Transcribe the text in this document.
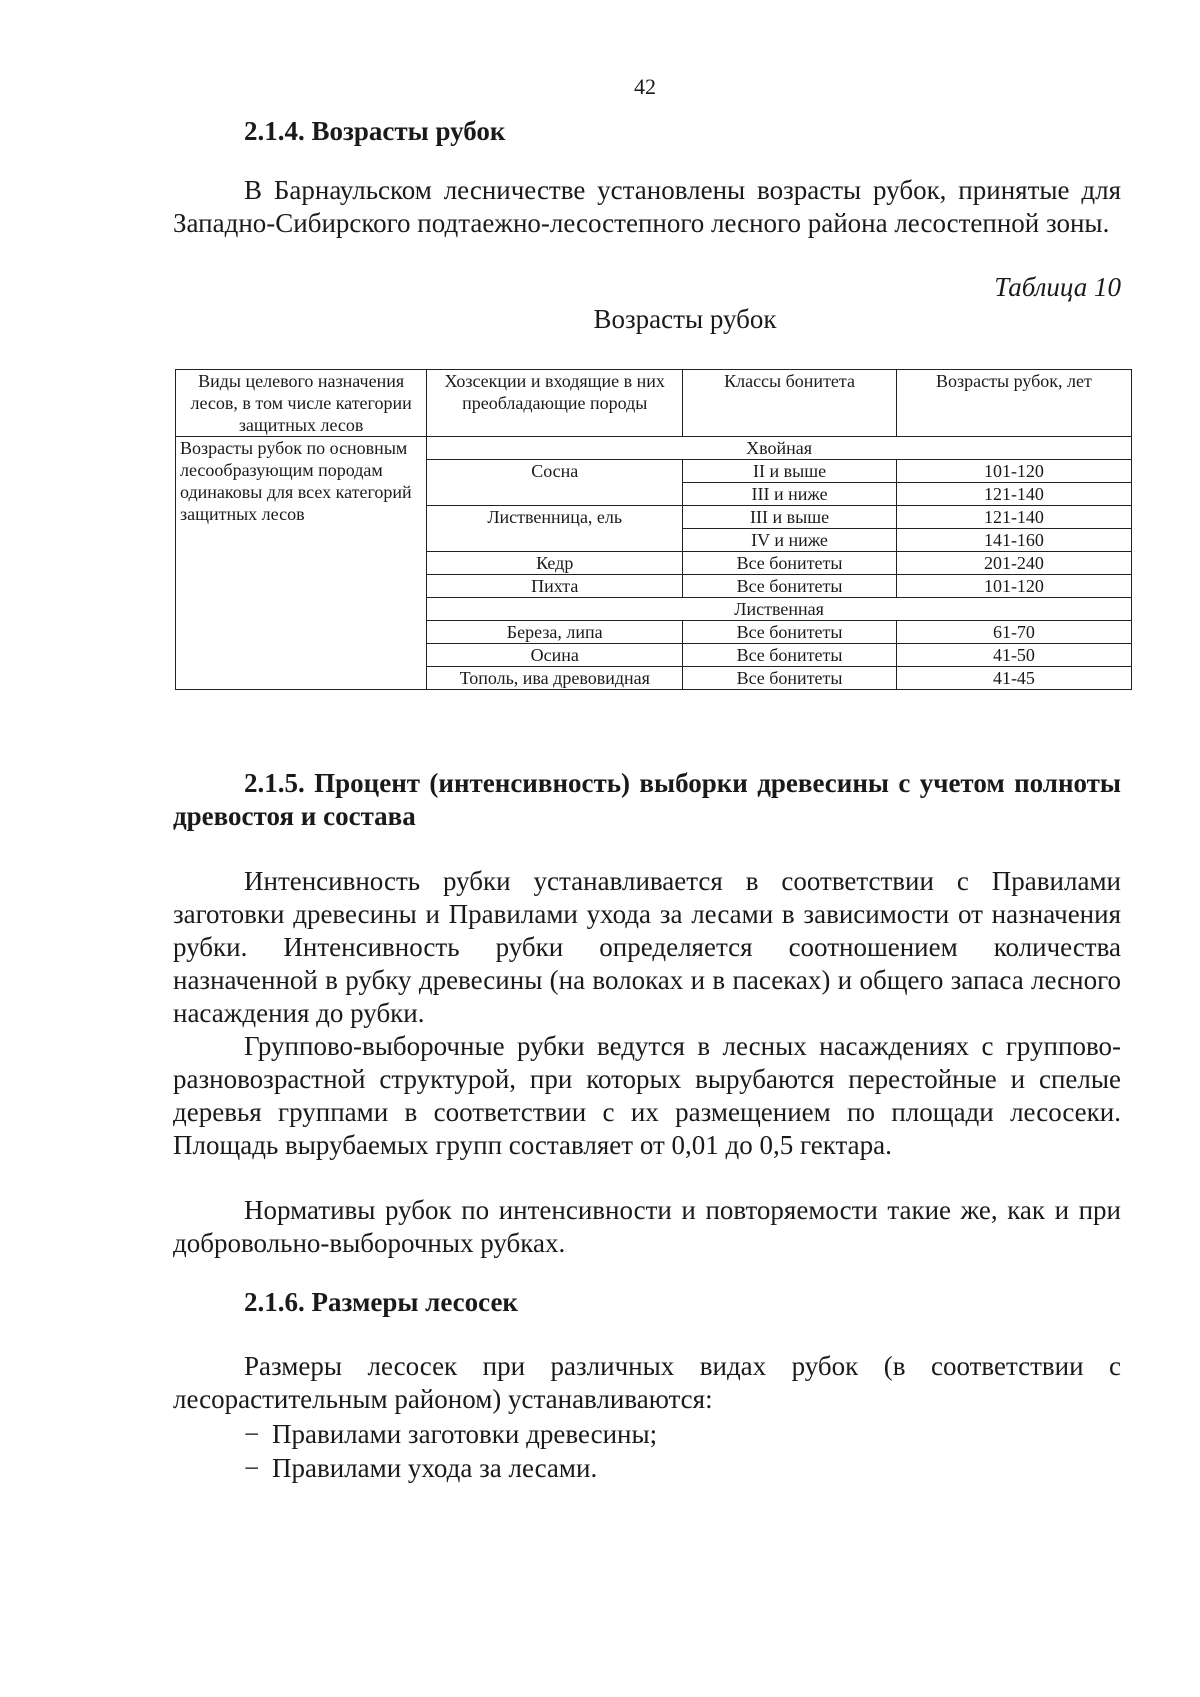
42
2.1.4. Возрасты рубок

В Барнаульском лесничестве установлены возрасты рубок, принятые для Западно-Сибирского подтаежно-лесостепного лесного района лесостепной зоны.

Таблица 10
Возрасты рубок
Виды целевого назначения лесов, в том числе категории защитных лесов	Хозсекции и входящие в них преобладающие породы	Классы бонитета	Возрасты рубок, лет
Возрасты рубок по основным лесообразующим породам одинаковы для всех категорий защитных лесов	Хвойная		
	Сосна	II и выше	101-120
		III и ниже	121-140
	Лиственница, ель	III и выше	121-140
		IV и ниже	141-160
	Кедр	Все бонитеты	201-240
	Пихта	Все бонитеты	101-120
	Лиственная		
	Береза, липа	Все бонитеты	61-70
	Осина	Все бонитеты	41-50
	Тополь, ива древовидная	Все бонитеты	41-45

2.1.5. Процент (интенсивность) выборки древесины с учетом полноты древостоя и состава

Интенсивность рубки устанавливается в соответствии с Правилами заготовки древесины и Правилами ухода за лесами в зависимости от назначения рубки. Интенсивность рубки определяется соотношением количества назначенной в рубку древесины (на волоках и в пасеках) и общего запаса лесного насаждения до рубки.

Группово-выборочные рубки ведутся в лесных насаждениях с группово-разновозрастной структурой, при которых вырубаются перестойные и спелые деревья группами в соответствии с их размещением по площади лесосеки. Площадь вырубаемых групп составляет от 0,01 до 0,5 гектара.

Нормативы рубок по интенсивности и повторяемости такие же, как и при добровольно-выборочных рубках.

2.1.6. Размеры лесосек

Размеры лесосек при различных видах рубок (в соответствии с лесорастительным районом) устанавливаются:

− Правилами заготовки древесины;

− Правилами ухода за лесами.
